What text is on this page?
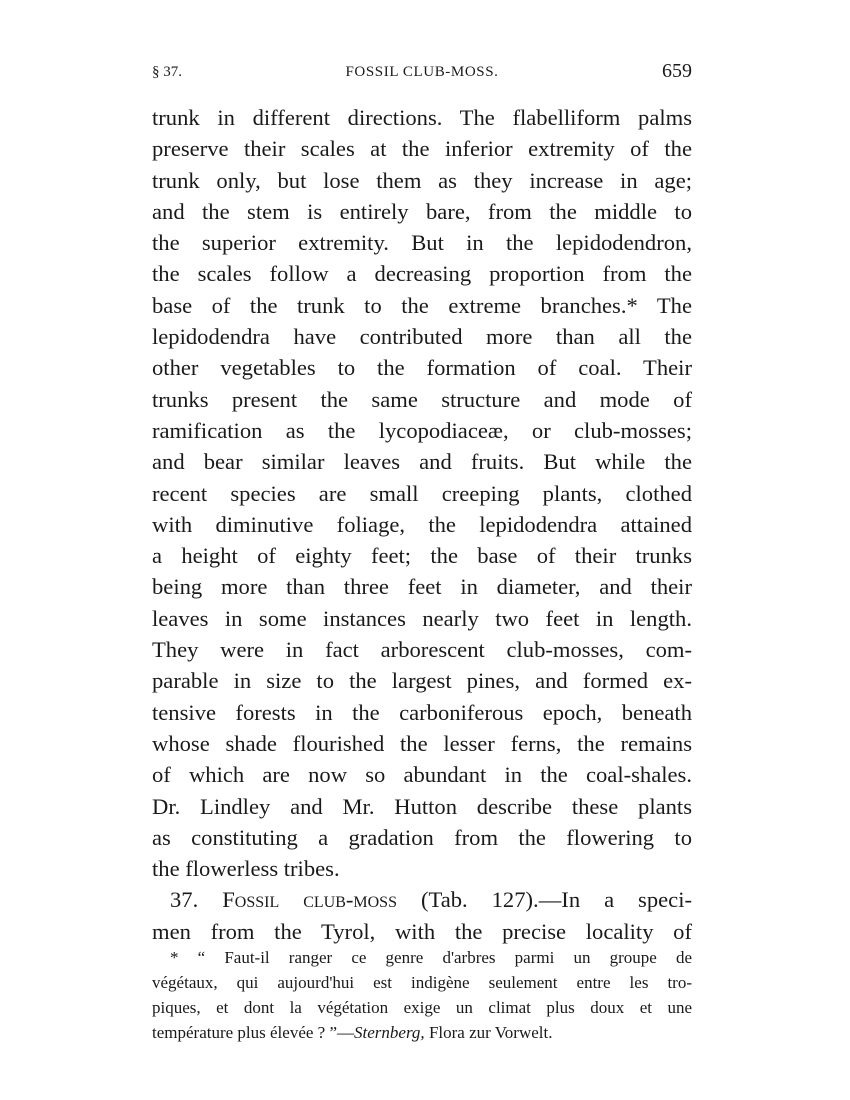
§ 37.	FOSSIL CLUB-MOSS.	659
trunk in different directions. The flabelliform palms
preserve their scales at the inferior extremity of the
trunk only, but lose them as they increase in age;
and the stem is entirely bare, from the middle to
the superior extremity. But in the lepidodendron,
the scales follow a decreasing proportion from the
base of the trunk to the extreme branches.* The
lepidodendra have contributed more than all the
other vegetables to the formation of coal. Their
trunks present the same structure and mode of
ramification as the lycopodiaceæ, or club-mosses;
and bear similar leaves and fruits. But while the
recent species are small creeping plants, clothed
with diminutive foliage, the lepidodendra attained
a height of eighty feet; the base of their trunks
being more than three feet in diameter, and their
leaves in some instances nearly two feet in length.
They were in fact arborescent club-mosses, com-
parable in size to the largest pines, and formed ex-
tensive forests in the carboniferous epoch, beneath
whose shade flourished the lesser ferns, the remains
of which are now so abundant in the coal-shales.
Dr. Lindley and Mr. Hutton describe these plants
as constituting a gradation from the flowering to
the flowerless tribes.
37. Fossil club-moss (Tab. 127).—In a speci-
men from the Tyrol, with the precise locality of
* “ Faut-il ranger ce genre d'arbres parmi un groupe de
végétaux, qui aujourd'hui est indigène seulement entre les tro-
piques, et dont la végétation exige un climat plus doux et une
température plus élevée ? ”—Sternberg, Flora zur Vorwelt.
